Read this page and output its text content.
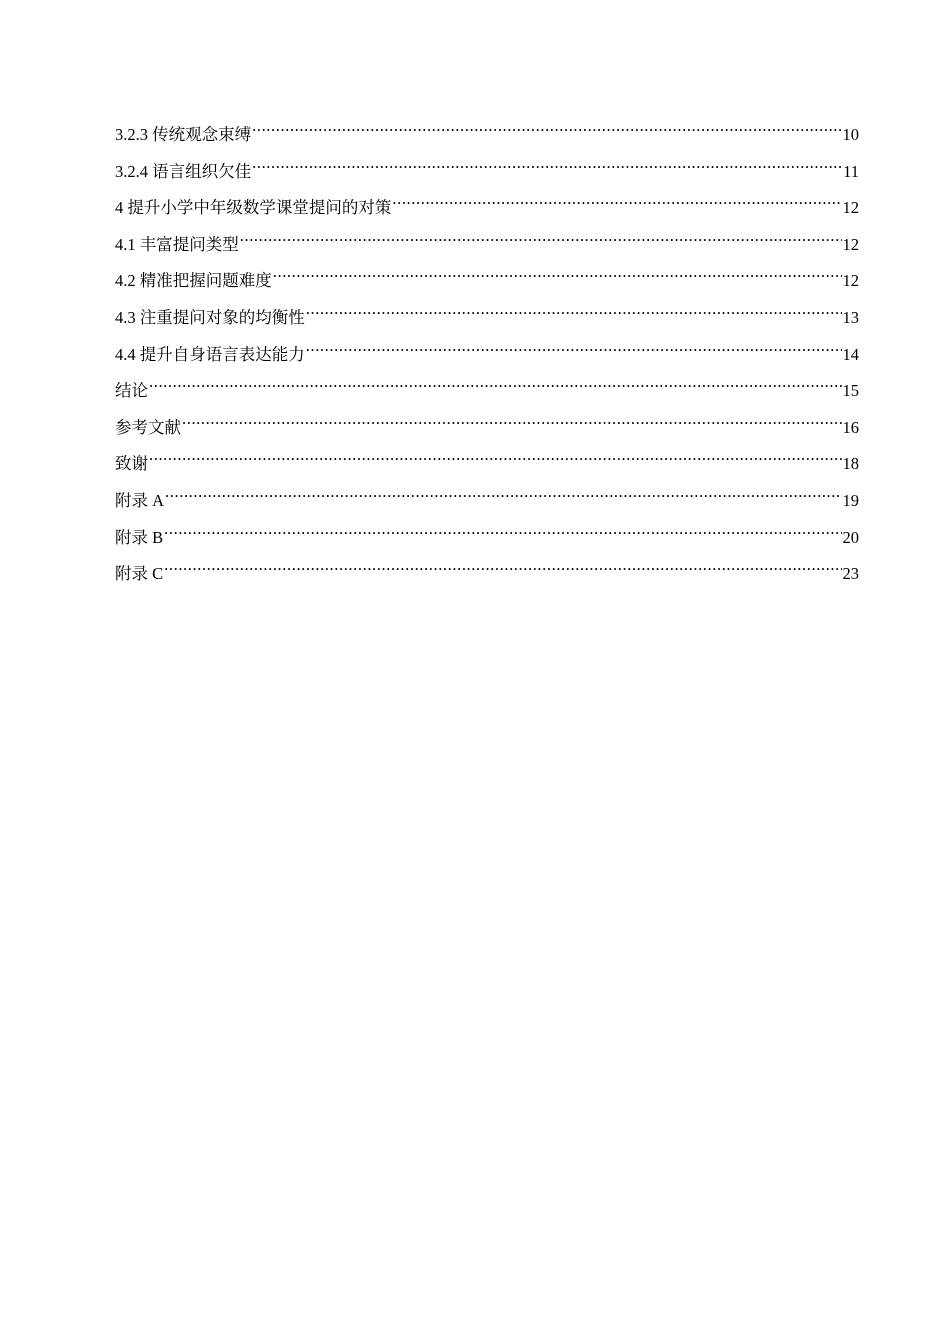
3.2.3 传统观念束缚 .....	10
3.2.4 语言组织欠佳 .....	11
4 提升小学中年级数学课堂提问的对策 .....	12
4.1 丰富提问类型 .....	12
4.2 精准把握问题难度 .....	12
4.3 注重提问对象的均衡性 .....	13
4.4 提升自身语言表达能力 .....	14
结论 .....	15
参考文献 .....	16
致谢 .....	18
附录 A .....	19
附录 B .....	20
附录 C .....	23
